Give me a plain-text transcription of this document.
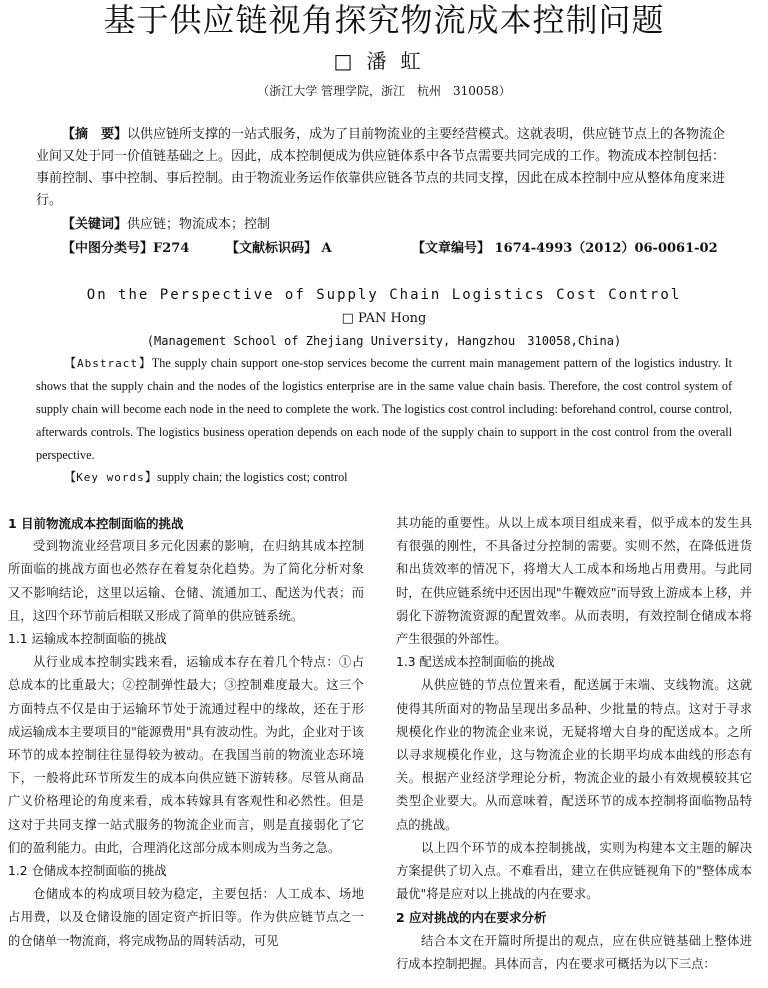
基于供应链视角探究物流成本控制问题
□潘虹
（浙江大学 管理学院，浙江　杭州　310058）
【摘　要】以供应链所支撑的一站式服务，成为了目前物流业的主要经营模式。这就表明，供应链节点上的各物流企业间又处于同一价值链基础之上。因此，成本控制便成为供应链体系中各节点需要共同完成的工作。物流成本控制包括：事前控制、事中控制、事后控制。由于物流业务运作依靠供应链各节点的共同支撑，因此在成本控制中应从整体角度来进行。
【关键词】供应链；物流成本；控制
【中图分类号】F274	【文献标识码】 A	【文章编号】 1674-4993（2012）06-0061-02
On the Perspective of Supply Chain Logistics Cost Control
□ PAN Hong
(Management School of Zhejiang University, Hangzhou　310058,China)
【Abstract】The supply chain support one-stop services become the current main management pattern of the logistics industry. It shows that the supply chain and the nodes of the logistics enterprise are in the same value chain basis. Therefore, the cost control system of supply chain will become each node in the need to complete the work. The logistics cost control including: beforehand control, course control, afterwards controls. The logistics business operation depends on each node of the supply chain to support in the cost control from the overall perspective.
【Key words】supply chain; the logistics cost; control
1 目前物流成本控制面临的挑战
受到物流业经营项目多元化因素的影响，在归纳其成本控制所面临的挑战方面也必然存在着复杂化趋势。为了简化分析对象又不影响结论，这里以运输、仓储、流通加工、配送为代表；而且，这四个环节前后相联又形成了简单的供应链系统。
1.1 运输成本控制面临的挑战
从行业成本控制实践来看，运输成本存在着几个特点：①占总成本的比重最大；②控制弹性最大；③控制难度最大。这三个方面特点不仅是由于运输环节处于流通过程中的缘故，还在于形成运输成本主要项目的"能源费用"具有波动性。为此，企业对于该环节的成本控制往往显得较为被动。在我国当前的物流业态环境下，一般将此环节所发生的成本向供应链下游转移。尽管从商品广义价格理论的角度来看，成本转嫁具有客观性和必然性。但是这对于共同支撑一站式服务的物流企业而言，则是直接弱化了它们的盈利能力。由此，合理消化这部分成本则成为当务之急。
1.2 仓储成本控制面临的挑战
仓储成本的构成项目较为稳定，主要包括：人工成本、场地占用费，以及仓储设施的固定资产折旧等。作为供应链节点之一的仓储单一物流商，将完成物品的周转活动，可见
其功能的重要性。从以上成本项目组成来看，似乎成本的发生具有很强的刚性，不具备过分控制的需要。实则不然，在降低进货和出货效率的情况下，将增大人工成本和场地占用费用。与此同时，在供应链系统中还因出现"牛鞭效应"而导致上游成本上移，并弱化下游物流资源的配置效率。从而表明，有效控制仓储成本将产生很强的外部性。
1.3 配送成本控制面临的挑战
从供应链的节点位置来看，配送属于末端、支线物流。这就使得其所面对的物品呈现出多品种、少批量的特点。这对于寻求规模化作业的物流企业来说，无疑将增大自身的配送成本。之所以寻求规模化作业，这与物流企业的长期平均成本曲线的形态有关。根据产业经济学理论分析，物流企业的最小有效规模较其它类型企业要大。从而意味着，配送环节的成本控制将面临物品特点的挑战。
以上四个环节的成本控制挑战，实则为构建本文主题的解决方案提供了切入点。不难看出，建立在供应链视角下的"整体成本最优"将是应对以上挑战的内在要求。
2 应对挑战的内在要求分析
结合本文在开篇时所提出的观点，应在供应链基础上整体进行成本控制把握。具体而言，内在要求可概括为以下三点：
